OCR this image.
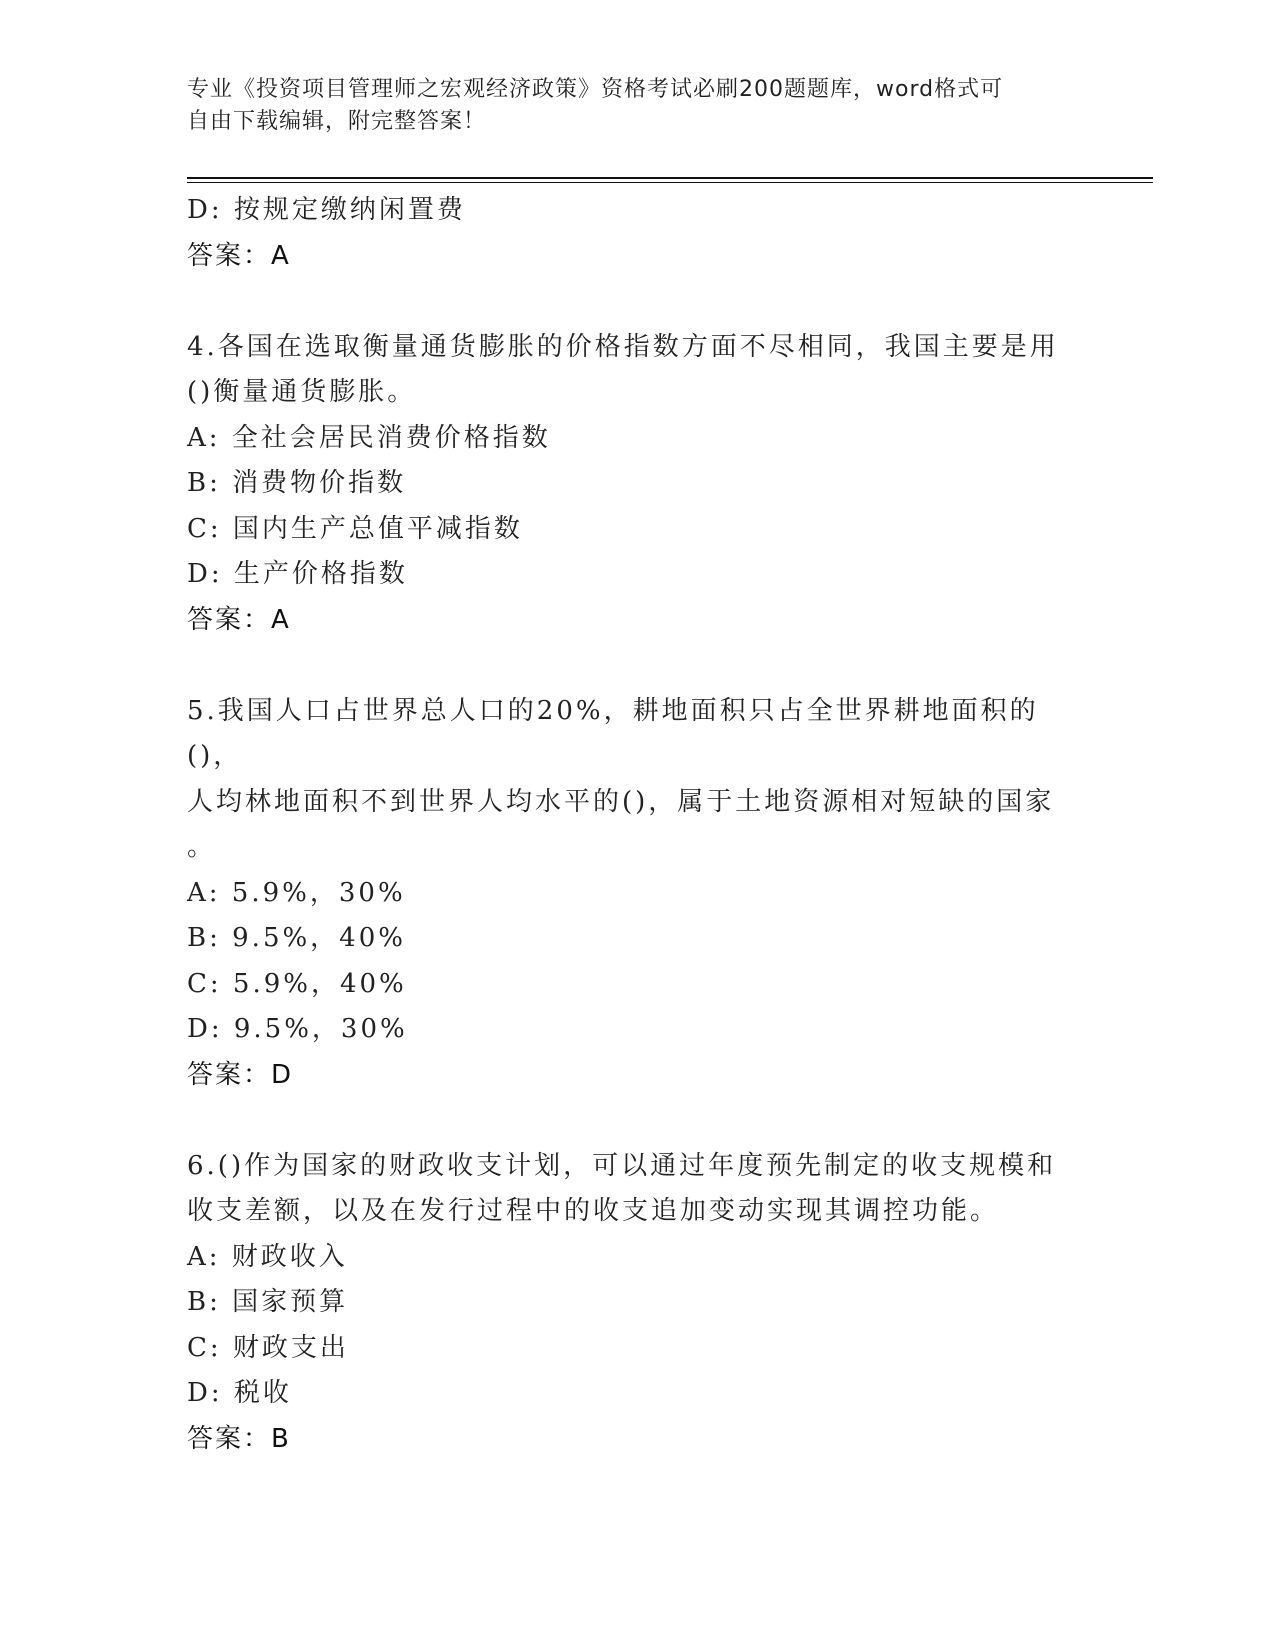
专业《投资项目管理师之宏观经济政策》资格考试必刷200题题库，word格式可
自由下载编辑，附完整答案！
D: 按规定缴纳闲置费
答案：A
4.各国在选取衡量通货膨胀的价格指数方面不尽相同，我国主要是用
()衡量通货膨胀。
A: 全社会居民消费价格指数
B: 消费物价指数
C: 国内生产总值平减指数
D: 生产价格指数
答案：A
5.我国人口占世界总人口的20%，耕地面积只占全世界耕地面积的()，
人均林地面积不到世界人均水平的()，属于土地资源相对短缺的国家
。
A: 5.9%，30%
B: 9.5%，40%
C: 5.9%，40%
D: 9.5%，30%
答案：D
6.()作为国家的财政收支计划，可以通过年度预先制定的收支规模和
收支差额，以及在发行过程中的收支追加变动实现其调控功能。
A: 财政收入
B: 国家预算
C: 财政支出
D: 税收
答案：B
